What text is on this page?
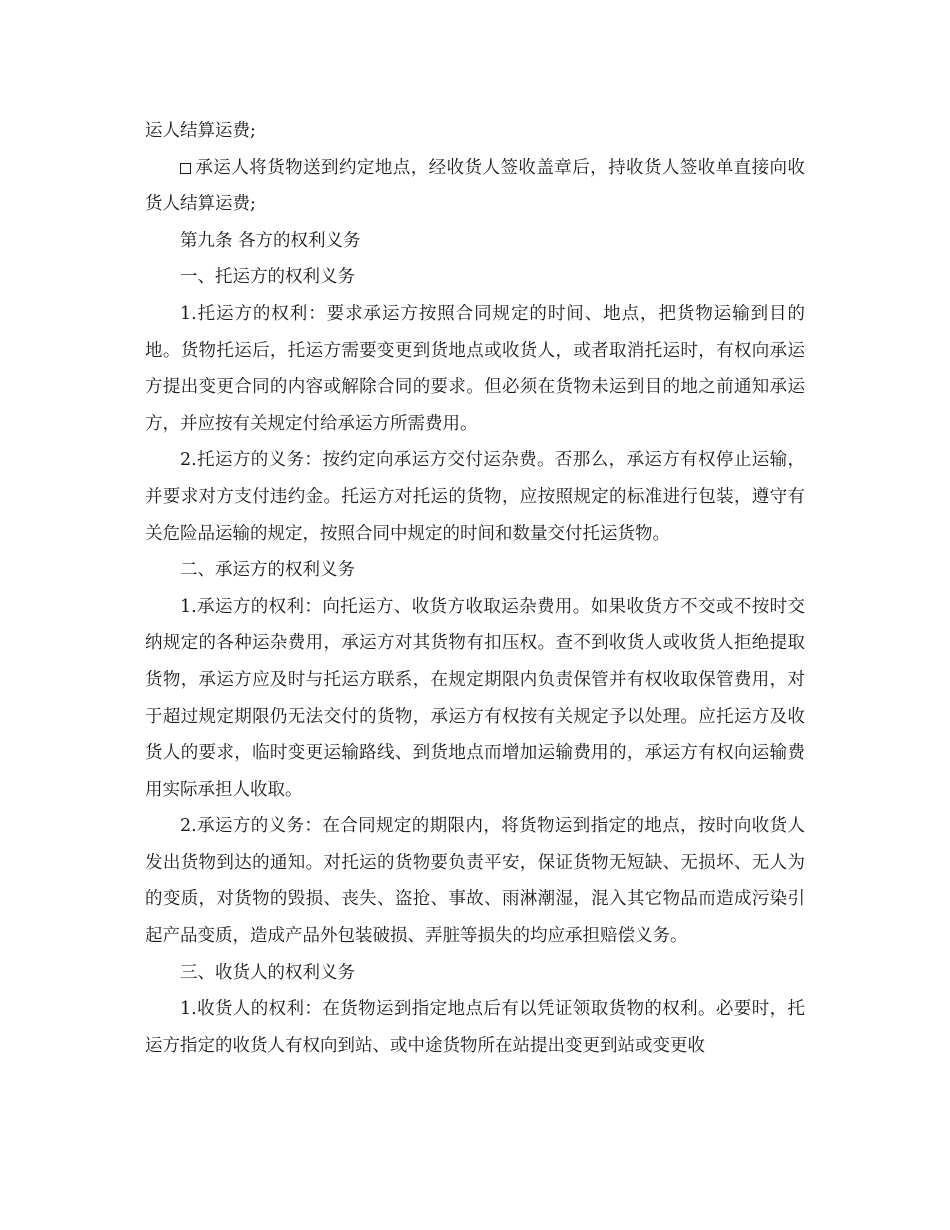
运人结算运费;

承运人将货物送到约定地点，经收货人签收盖章后，持收货人签收单直接向收货人结算运费;

第九条 各方的权利义务

一、托运方的权利义务

1.托运方的权利：要求承运方按照合同规定的时间、地点，把货物运输到目的地。货物托运后，托运方需要变更到货地点或收货人，或者取消托运时，有权向承运方提出变更合同的内容或解除合同的要求。但必须在货物未运到目的地之前通知承运方，并应按有关规定付给承运方所需费用。

2.托运方的义务：按约定向承运方交付运杂费。否那么，承运方有权停止运输，并要求对方支付违约金。托运方对托运的货物，应按照规定的标准进行包装，遵守有关危险品运输的规定，按照合同中规定的时间和数量交付托运货物。

二、承运方的权利义务

1.承运方的权利：向托运方、收货方收取运杂费用。如果收货方不交或不按时交纳规定的各种运杂费用，承运方对其货物有扣压权。查不到收货人或收货人拒绝提取货物，承运方应及时与托运方联系，在规定期限内负责保管并有权收取保管费用，对于超过规定期限仍无法交付的货物，承运方有权按有关规定予以处理。应托运方及收货人的要求，临时变更运输路线、到货地点而增加运输费用的，承运方有权向运输费用实际承担人收取。

2.承运方的义务：在合同规定的期限内，将货物运到指定的地点，按时向收货人发出货物到达的通知。对托运的货物要负责平安，保证货物无短缺、无损坏、无人为的变质，对货物的毁损、丧失、盗抢、事故、雨淋潮湿，混入其它物品而造成污染引起产品变质，造成产品外包装破损、弄脏等损失的均应承担赔偿义务。

三、收货人的权利义务

1.收货人的权利：在货物运到指定地点后有以凭证领取货物的权利。必要时，托运方指定的收货人有权向到站、或中途货物所在站提出变更到站或变更收
